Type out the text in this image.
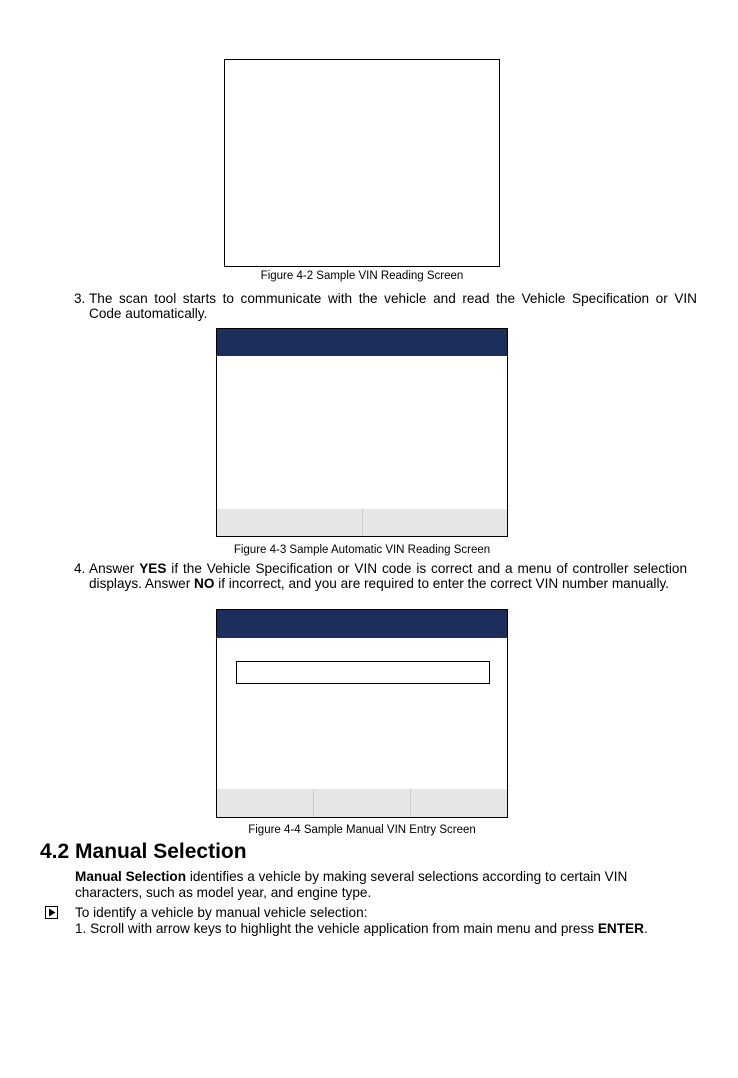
Figure 4-2 Sample VIN Reading Screen
3. The scan tool starts to communicate with the vehicle and read the Vehicle Specification or VIN
Code automatically.
Figure 4-3 Sample Automatic VIN Reading Screen
4. Answer YES if the Vehicle Specification or VIN code is correct and a menu of controller selection
displays. Answer NO if incorrect, and you are required to enter the correct VIN number manually.
Figure 4-4 Sample Manual VIN Entry Screen
4.2 Manual Selection
Manual Selection identifies a vehicle by making several selections according to certain VIN
characters, such as model year, and engine type.
To identify a vehicle by manual vehicle selection:
1. Scroll with arrow keys to highlight the vehicle application from main menu and press ENTER.
